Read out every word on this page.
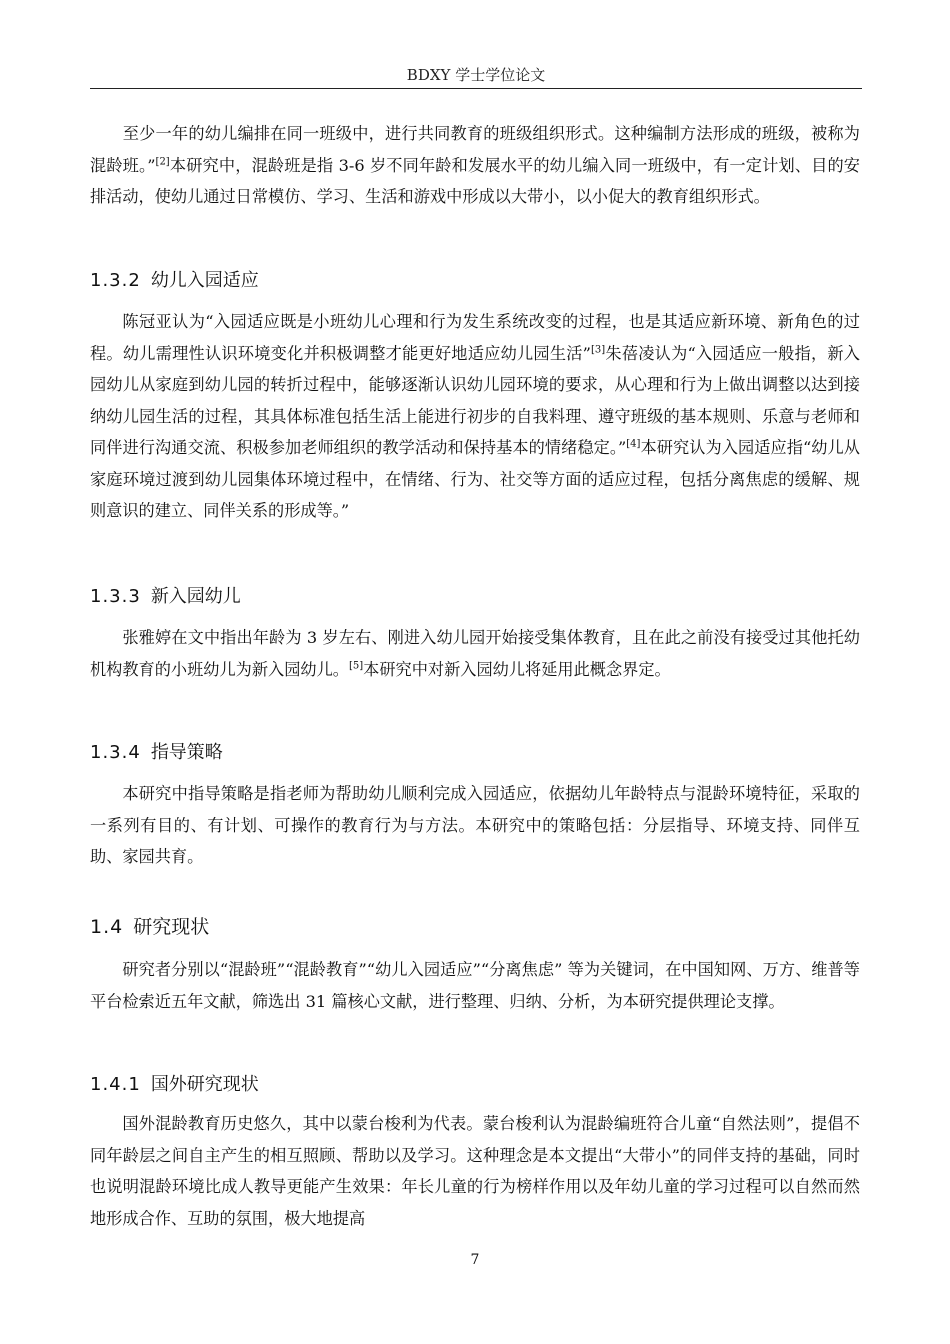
BDXY 学士学位论文

　　至少一年的幼儿编排在同一班级中，进行共同教育的班级组织形式。这种编制方法形成的班级，被称为混龄班。”[2]本研究中，混龄班是指 3-6 岁不同年龄和发展水平的幼儿编入同一班级中，有一定计划、目的安排活动，使幼儿通过日常模仿、学习、生活和游戏中形成以大带小，以小促大的教育组织形式。

1.3.2 幼儿入园适应

陈冠亚认为“入园适应既是小班幼儿心理和行为发生系统改变的过程，也是其适应新环境、新角色的过程。幼儿需理性认识环境变化并积极调整才能更好地适应幼儿园生活”[3]朱蓓凌认为“入园适应一般指，新入园幼儿从家庭到幼儿园的转折过程中，能够逐渐认识幼儿园环境的要求，从心理和行为上做出调整以达到接纳幼儿园生活的过程，其具体标准包括生活上能进行初步的自我料理、遵守班级的基本规则、乐意与老师和同伴进行沟通交流、积极参加老师组织的教学活动和保持基本的情绪稳定。”[4]本研究认为入园适应指“幼儿从家庭环境过渡到幼儿园集体环境过程中，在情绪、行为、社交等方面的适应过程，包括分离焦虑的缓解、规则意识的建立、同伴关系的形成等。”

1.3.3 新入园幼儿

张雅婷在文中指出年龄为 3 岁左右、刚进入幼儿园开始接受集体教育，且在此之前没有接受过其他托幼机构教育的小班幼儿为新入园幼儿。[5]本研究中对新入园幼儿将延用此概念界定。

1.3.4 指导策略

本研究中指导策略是指老师为帮助幼儿顺利完成入园适应，依据幼儿年龄特点与混龄环境特征，采取的一系列有目的、有计划、可操作的教育行为与方法。本研究中的策略包括：分层指导、环境支持、同伴互助、家园共育。

1.4 研究现状

研究者分别以“混龄班”“混龄教育”“幼儿入园适应”“分离焦虑” 等为关键词，在中国知网、万方、维普等平台检索近五年文献，筛选出 31 篇核心文献，进行整理、归纳、分析，为本研究提供理论支撑。

1.4.1 国外研究现状

国外混龄教育历史悠久，其中以蒙台梭利为代表。蒙台梭利认为混龄编班符合儿童“自然法则”，提倡不同年龄层之间自主产生的相互照顾、帮助以及学习。这种理念是本文提出“大带小”的同伴支持的基础，同时也说明混龄环境比成人教导更能产生效果：年长儿童的行为榜样作用以及年幼儿童的学习过程可以自然而然地形成合作、互助的氛围，极大地提高

7
